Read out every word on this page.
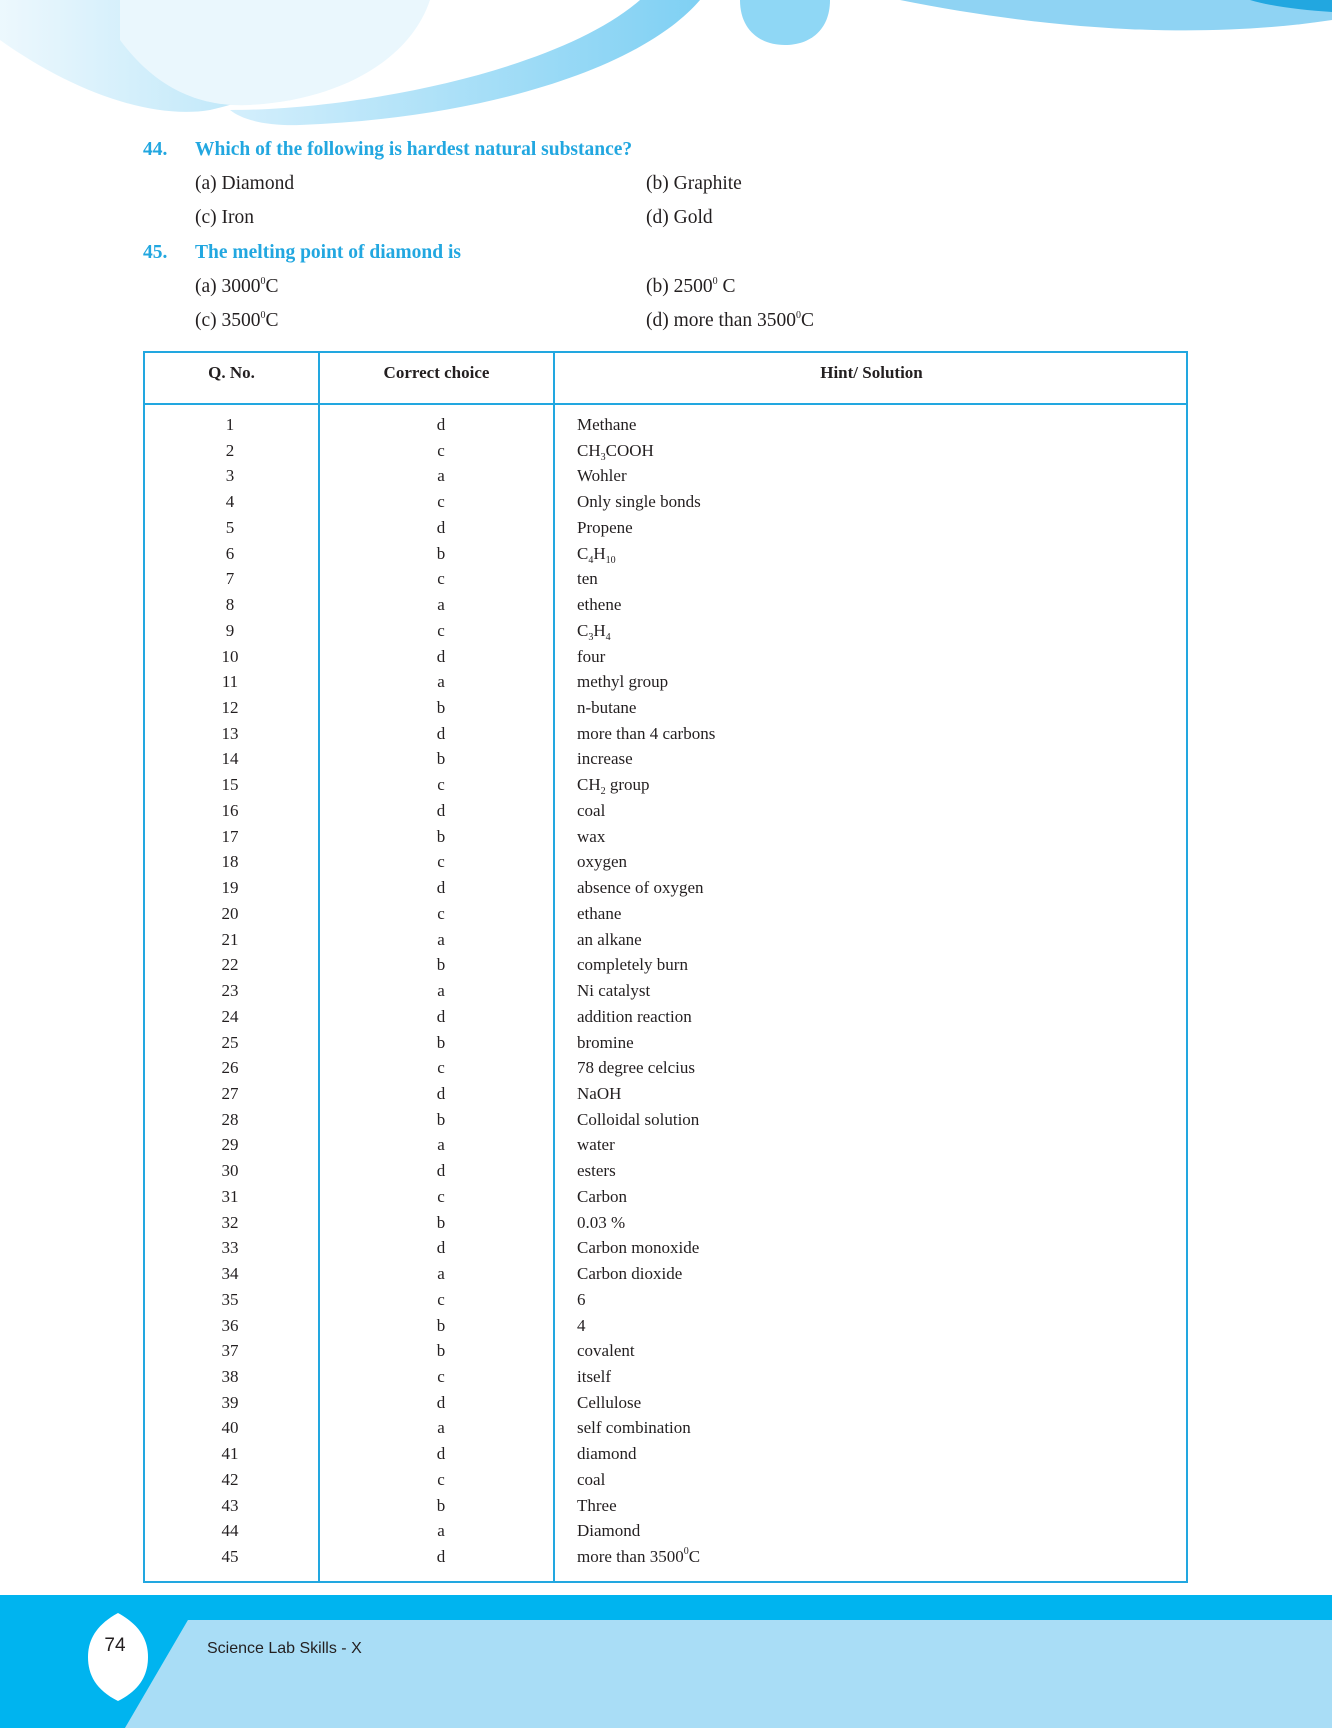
44. Which of the following is hardest natural substance?
(a) Diamond	(b) Graphite
(c) Iron	(d) Gold
45. The melting point of diamond is
(a) 3000$^0$C	(b) 2500$^0$ C
(c) 3500$^0$C	(d) more than 3500$^0$C
Q. No.	Correct choice	Hint/ Solution
1	d	Methane
2	c	$CH_3COOH$
3	a	Wohler
4	c	Only single bonds
5	d	Propene
6	b	$C_4H_{10}$
7	c	ten
8	a	ethene
9	c	$C_3H_4$
10	d	four
11	a	methyl group
12	b	n-butane
13	d	more than 4 carbons
14	b	increase
15	c	$CH_2$ group
16	d	coal
17	b	wax
18	c	oxygen
19	d	absence of oxygen
20	c	ethane
21	a	an alkane
22	b	completely burn
23	a	Ni catalyst
24	d	addition reaction
25	b	bromine
26	c	78 degree celcius
27	d	NaOH
28	b	Colloidal solution
29	a	water
30	d	esters
31	c	Carbon
32	b	0.03 %
33	d	Carbon monoxide
34	a	Carbon dioxide
35	c	6
36	b	4
37	b	covalent
38	c	itself
39	d	Cellulose
40	a	self combination
41	d	diamond
42	c	coal
43	b	Three
44	a	Diamond
45	d	more than 3500$^0$C
74	Science Lab Skills - X
